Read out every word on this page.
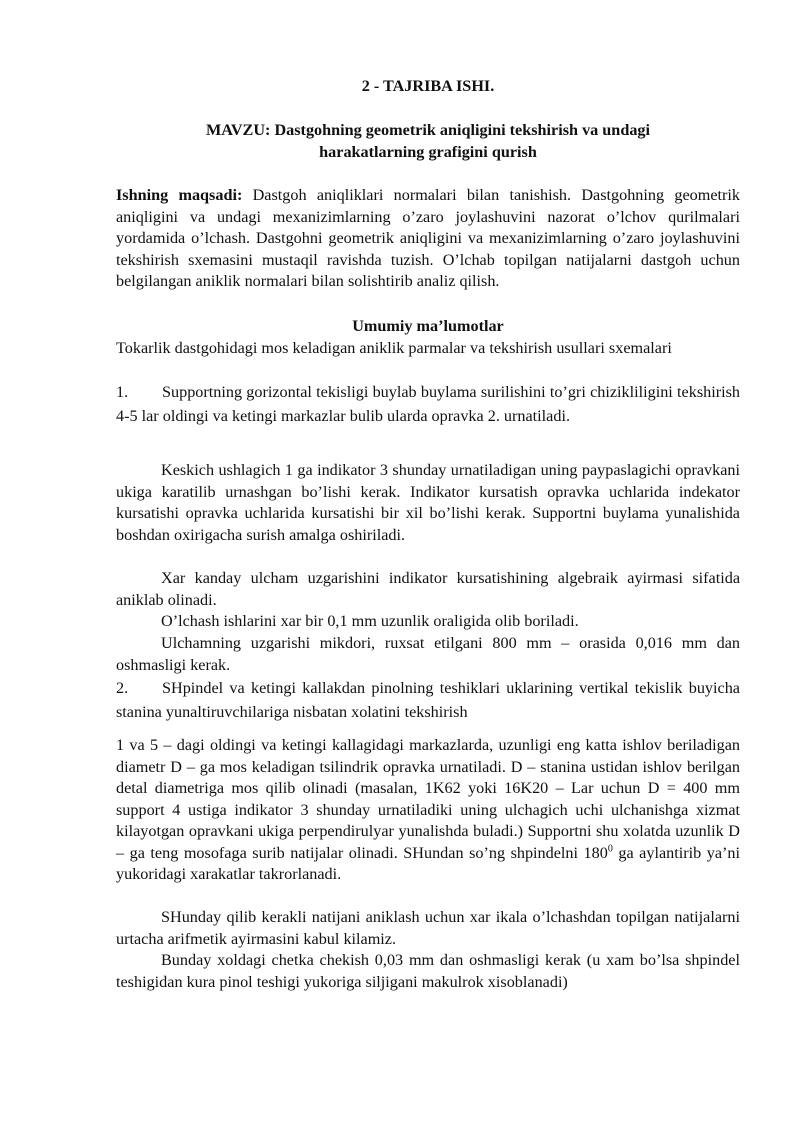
2 - TAJRIBA ISHI.

MAVZU: Dastgohning geometrik aniqligini tekshirish va undagi
harakatlarning grafigini qurish

Ishning maqsadi: Dastgoh aniqliklari normalari bilan tanishish. Dastgohning geometrik aniqligini va undagi mexanizimlarning o’zaro joylashuvini nazorat o’lchov qurilmalari yordamida o’lchash. Dastgohni geometrik aniqligini va mexanizimlarning o’zaro joylashuvini tekshirish sxemasini mustaqil ravishda tuzish. O’lchab topilgan natijalarni dastgoh uchun belgilangan aniklik normalari bilan solishtirib analiz qilish.

Umumiy ma’lumotlar

Tokarlik dastgohidagi mos keladigan aniklik parmalar va tekshirish usullari sxemalari

1. Supportning gorizontal tekisligi buylab buylama surilishini to’gri chizikliligini tekshirish 4-5 lar oldingi va ketingi markazlar bulib ularda opravka 2. urnatiladi.

Keskich ushlagich 1 ga indikator 3 shunday urnatiladigan uning paypaslagichi opravkani ukiga karatilib urnashgan bo’lishi kerak. Indikator kursatish opravka uchlarida indekator kursatishi opravka uchlarida kursatishi bir xil bo’lishi kerak. Supportni buylama yunalishida boshdan oxirigacha surish amalga oshiriladi.

Xar kanday ulcham uzgarishini indikator kursatishining algebraik ayirmasi sifatida aniklab olinadi.

O’lchash ishlarini xar bir 0,1 mm uzunlik oraligida olib boriladi.

Ulchamning uzgarishi mikdori, ruxsat etilgani 800 mm – orasida 0,016 mm dan oshmasligi kerak.

2. SHpindel va ketingi kallakdan pinolning teshiklari uklarining vertikal tekislik buyicha stanina yunaltiruvchilariga nisbatan xolatini tekshirish

1 va 5 – dagi oldingi va ketingi kallagidagi markazlarda, uzunligi eng katta ishlov beriladigan diametr D – ga mos keladigan tsilindrik opravka urnatiladi. D – stanina ustidan ishlov berilgan detal diametriga mos qilib olinadi (masalan, 1K62 yoki 16K20 – Lar uchun D = 400 mm support 4 ustiga indikator 3 shunday urnatiladiki uning ulchagich uchi ulchanishga xizmat kilayotgan opravkani ukiga perpendirulyar yunalishda buladi.) Supportni shu xolatda uzunlik D – ga teng mosofaga surib natijalar olinadi. SHundan so’ng shpindelni $180^0$ ga aylantirib ya’ni yukoridagi xarakatlar takrorlanadi.

SHunday qilib kerakli natijani aniklash uchun xar ikala o’lchashdan topilgan natijalarni urtacha arifmetik ayirmasini kabul kilamiz.

Bunday xoldagi chetka chekish 0,03 mm dan oshmasligi kerak (u xam bo’lsa shpindel teshigidan kura pinol teshigi yukoriga siljigani makulrok xisoblanadi)
